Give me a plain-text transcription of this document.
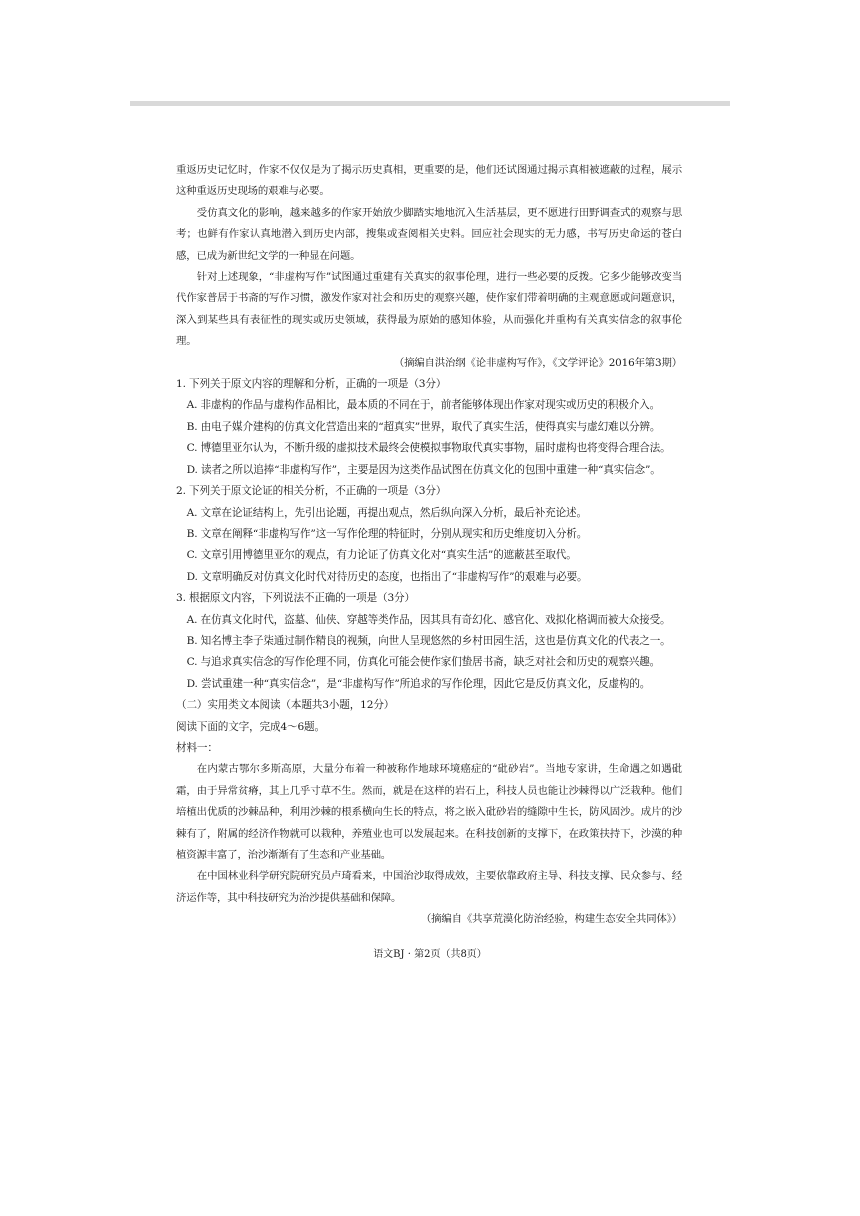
重返历史记忆时，作家不仅仅是为了揭示历史真相，更重要的是，他们还试图通过揭示真相被遮蔽的过程，展示这种重返历史现场的艰难与必要。

受仿真文化的影响，越来越多的作家开始放少脚踏实地地沉入生活基层，更不愿进行田野调查式的观察与思考；也鲜有作家认真地潜入到历史内部，搜集或查阅相关史料。回应社会现实的无力感，书写历史命运的苍白感，已成为新世纪文学的一种显在问题。

针对上述现象，“非虚构写作”试图通过重建有关真实的叙事伦理，进行一些必要的反拨。它多少能够改变当代作家普居于书斋的写作习惯，激发作家对社会和历史的观察兴趣，使作家们带着明确的主观意愿或问题意识，深入到某些具有表征性的现实或历史领域，获得最为原始的感知体验，从而强化并重构有关真实信念的叙事伦理。

（摘编自洪治纲《论非虚构写作》，《文学评论》2016年第3期）

1. 下列关于原文内容的理解和分析，正确的一项是（3分）

A. 非虚构的作品与虚构作品相比，最本质的不同在于，前者能够体现出作家对现实或历史的积极介入。

B. 由电子媒介建构的仿真文化营造出来的“超真实”世界，取代了真实生活，使得真实与虚幻难以分辨。

C. 博德里亚尔认为，不断升级的虚拟技术最终会使模拟事物取代真实事物，届时虚构也将变得合理合法。

D. 读者之所以追捧“非虚构写作”，主要是因为这类作品试图在仿真文化的包围中重建一种“真实信念”。

2. 下列关于原文论证的相关分析，不正确的一项是（3分）

A. 文章在论证结构上，先引出论题，再提出观点，然后纵向深入分析，最后补充论述。

B. 文章在阐释“非虚构写作”这一写作伦理的特征时，分别从现实和历史维度切入分析。

C. 文章引用博德里亚尔的观点，有力论证了仿真文化对“真实生活”的遮蔽甚至取代。

D. 文章明确反对仿真文化时代对待历史的态度，也指出了“非虚构写作”的艰难与必要。

3. 根据原文内容，下列说法不正确的一项是（3分）

A. 在仿真文化时代，盗墓、仙侠、穿越等类作品，因其具有奇幻化、感官化、戏拟化格调而被大众接受。

B. 知名博主李子柒通过制作精良的视频，向世人呈现悠然的乡村田园生活，这也是仿真文化的代表之一。

C. 与追求真实信念的写作伦理不同，仿真化可能会使作家们蛰居书斋，缺乏对社会和历史的观察兴趣。

D. 尝试重建一种“真实信念”，是“非虚构写作”所追求的写作伦理，因此它是反仿真文化，反虚构的。

（二）实用类文本阅读（本题共3小题，12分）

阅读下面的文字，完成4～6题。

材料一：

在内蒙古鄂尔多斯高原，大量分布着一种被称作地球环境癌症的“砒砂岩”。当地专家讲，生命遇之如遇砒霜，由于异常贫瘠，其上几乎寸草不生。然而，就是在这样的岩石上，科技人员也能让沙棘得以广泛栽种。他们培植出优质的沙棘品种，利用沙棘的根系横向生长的特点，将之嵌入砒砂岩的缝隙中生长，防风固沙。成片的沙棘有了，附属的经济作物就可以栽种，养殖业也可以发展起来。在科技创新的支撑下，在政策扶持下，沙漠的种植资源丰富了，治沙渐渐有了生态和产业基础。

在中国林业科学研究院研究员卢琦看来，中国治沙取得成效，主要依靠政府主导、科技支撑、民众参与、经济运作等，其中科技研究为治沙提供基础和保障。

（摘编自《共享荒漠化防治经验，构建生态安全共同体》）

语文BJ · 第2页（共8页）
